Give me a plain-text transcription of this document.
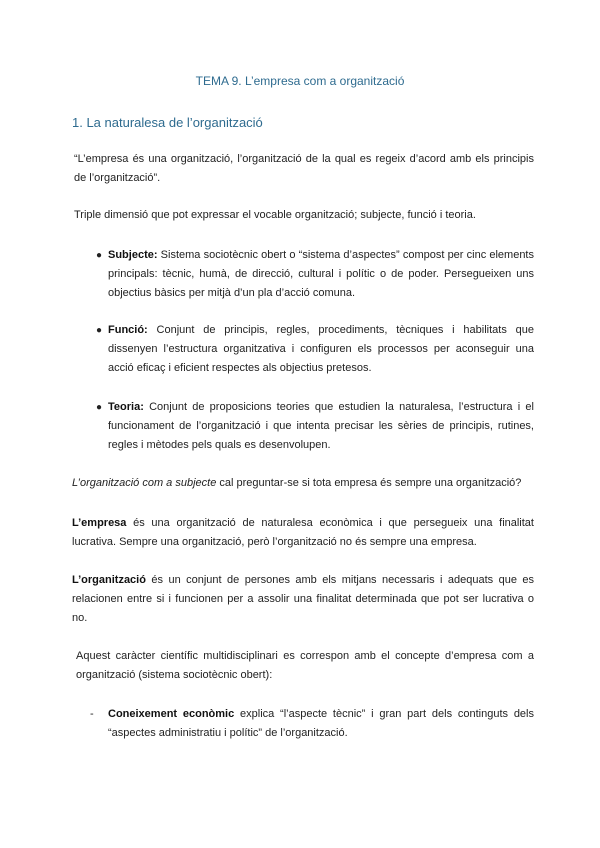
TEMA 9. L’empresa com a organització
1. La naturalesa de l’organització
“L’empresa és una organització, l’organització de la qual es regeix d’acord amb els principis de l’organització”.
Triple dimensió que pot expressar el vocable organització; subjecte, funció i teoria.
● Subjecte: Sistema sociotècnic obert o “sistema d’aspectes” compost per cinc elements principals: tècnic, humà, de direcció, cultural i polític o de poder. Persegueixen uns objectius bàsics per mitjà d’un pla d’acció comuna.
● Funció: Conjunt de principis, regles, procediments, tècniques i habilitats que dissenyen l’estructura organitzativa i configuren els processos per aconseguir una acció eficaç i eficient respectes als objectius pretesos.
● Teoria: Conjunt de proposicions teories que estudien la naturalesa, l’estructura i el funcionament de l’organització i que intenta precisar les sèries de principis, rutines, regles i mètodes pels quals es desenvolupen.
L’organització com a subjecte cal preguntar-se si tota empresa és sempre una organització?
L’empresa és una organització de naturalesa econòmica i que persegueix una finalitat lucrativa. Sempre una organització, però l’organització no és sempre una empresa.
L’organització és un conjunt de persones amb els mitjans necessaris i adequats que es relacionen entre si i funcionen per a assolir una finalitat determinada que pot ser lucrativa o no.
Aquest caràcter científic multidisciplinari es correspon amb el concepte d’empresa com a organització (sistema sociotècnic obert):
-	Coneixement econòmic explica “l’aspecte tècnic” i gran part dels continguts dels “aspectes administratiu i polític” de l’organització.
